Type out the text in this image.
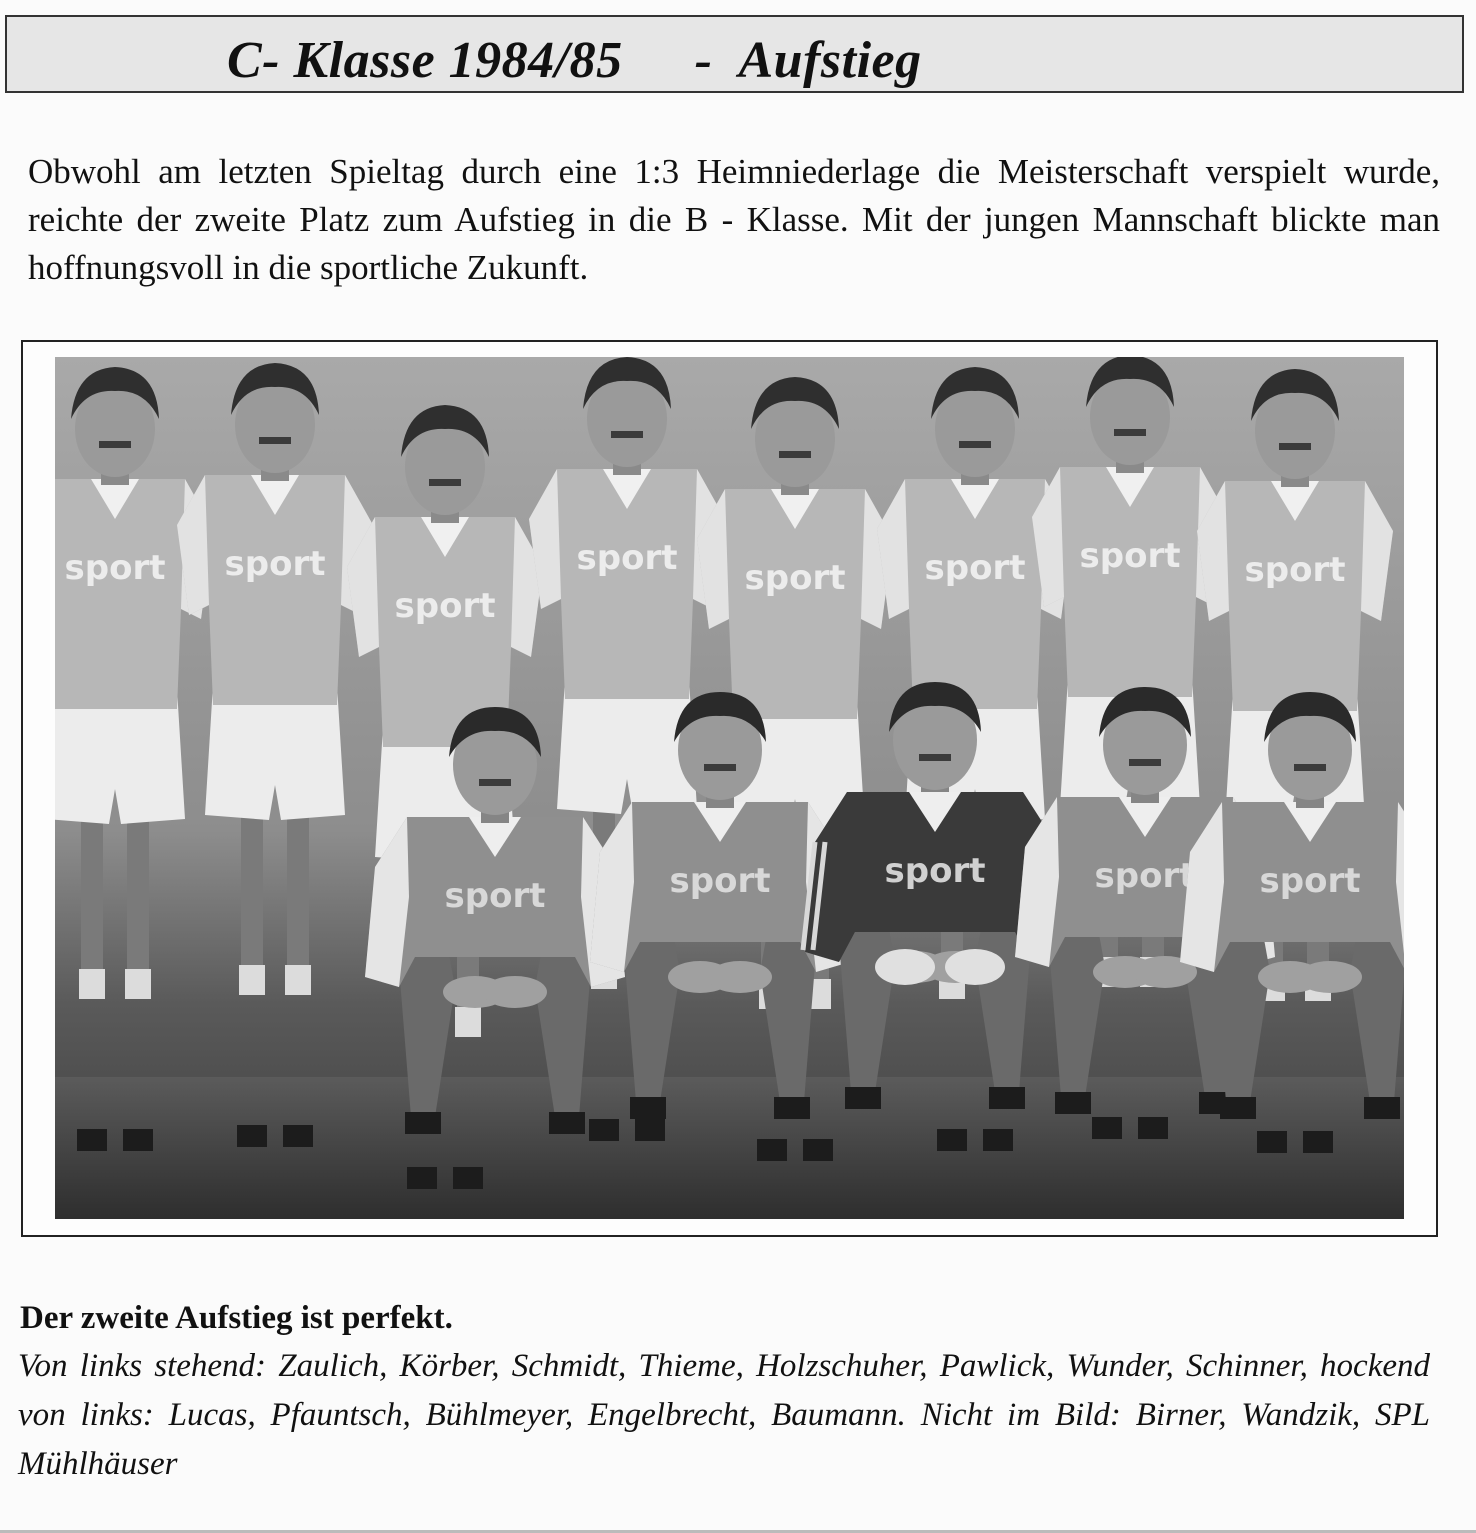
C- Klasse 1984/85 - Aufstieg
Obwohl am letzten Spieltag durch eine 1:3 Heimniederlage die Meisterschaft verspielt wurde, reichte der zweite Platz zum Aufstieg in die B - Klasse. Mit der jungen Mannschaft blickte man hoffnungsvoll in die sportliche Zukunft.
sport
Der zweite Aufstieg ist perfekt.
Von links stehend: Zaulich, Körber, Schmidt, Thieme, Holzschuher, Pawlick, Wunder, Schinner, hockend von links: Lucas, Pfauntsch, Bühlmeyer, Engelbrecht, Baumann. Nicht im Bild: Birner, Wandzik, SPL Mühlhäuser
